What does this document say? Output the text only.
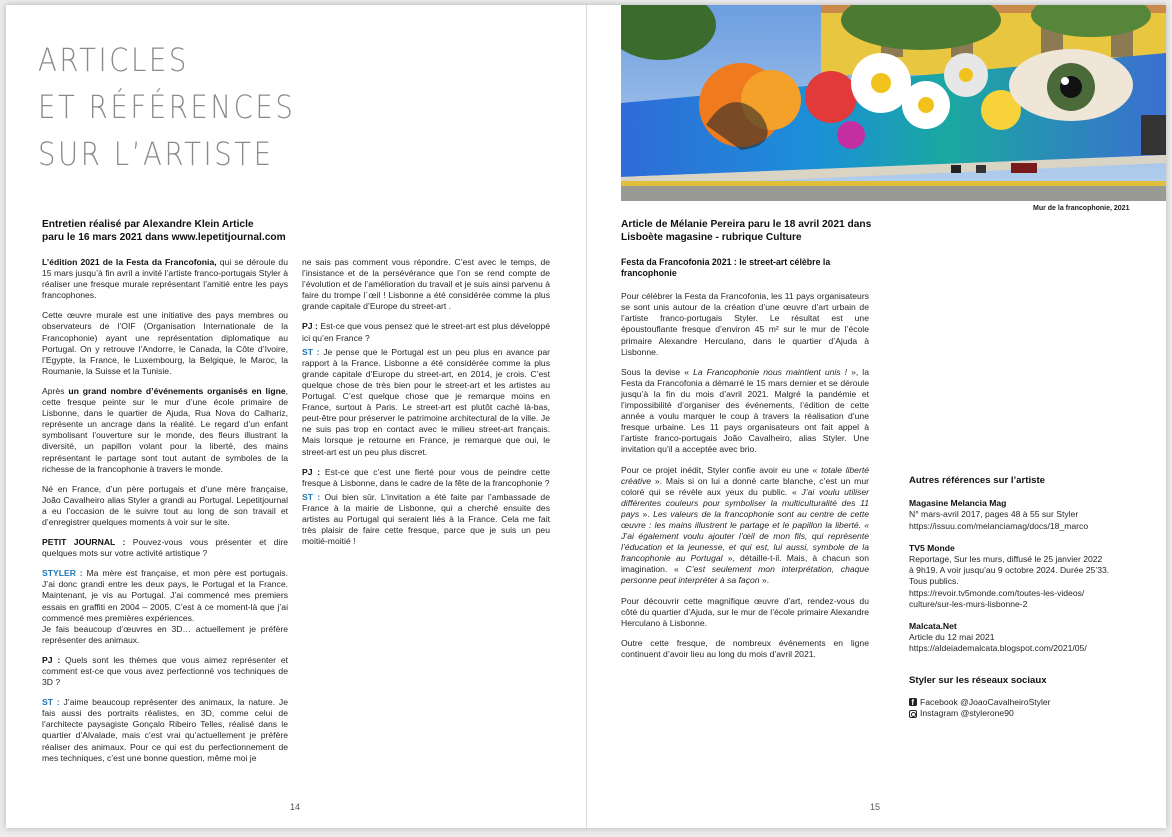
ARTICLES
ET RÉFÉRENCES
SUR L’ARTISTE
Entretien réalisé par Alexandre Klein Article
paru le 16 mars 2021 dans www.lepetitjournal.com

L’édition 2021 de la Festa da Francofonia, qui se déroule du 15 mars jusqu’à fin avril a invité l’artiste franco-portugais Styler à réaliser une fresque murale représentant l’amitié entre les pays francophones.

Cette œuvre murale est une initiative des pays membres ou observateurs de l’OIF (Organisation Internationale de la Francophonie) ayant une représentation diplomatique au Portugal. On y retrouve l’Andorre, le Canada, la Côte d’Ivoire, l’Egypte, la France, le Luxembourg, la Belgique, le Maroc, la Roumanie, la Suisse et la Tunisie.

Après un grand nombre d’événements organisés en ligne, cette fresque peinte sur le mur d’une école primaire de Lisbonne, dans le quartier de Ajuda, Rua Nova do Calhariz, représente un ancrage dans la réalité. Le regard d’un enfant symbolisant l’ouverture sur le monde, des fleurs illustrant la diversité, un papillon volant pour la liberté, des mains représentant le partage sont tout autant de symboles de la richesse de la francophonie à travers le monde.

Né en France, d’un père portugais et d’une mère française, João Cavalheiro alias Styler a grandi au Portugal. Lepetitjournal a eu l’occasion de le suivre tout au long de son travail et d’enregistrer quelques moments à voir sur le site.

PETIT JOURNAL : Pouvez-vous vous présenter et dire quelques mots sur votre activité artistique ?

STYLER : Ma mère est française, et mon père est portugais. J’ai donc grandi entre les deux pays, le Portugal et la France. Maintenant, je vis au Portugal. J’ai commencé mes premiers essais en graffiti en 2004 – 2005. C’est à ce moment-là que j’ai commencé mes premières expériences.

Je fais beaucoup d’œuvres en 3D… actuellement je préfère représenter des animaux.

PJ : Quels sont les thèmes que vous aimez représenter et comment est-ce que vous avez perfectionné vos techniques de 3D ?

ST : J’aime beaucoup représenter des animaux, la nature. Je fais aussi des portraits réalistes, en 3D, comme celui de l’architecte paysagiste Gonçalo Ribeiro Telles, réalisé dans le quartier d’Alvalade, mais c’est vrai qu’actuellement je préfère réaliser des animaux. Pour ce qui est du perfectionnement de mes techniques, c’est une bonne question, même moi je

ne sais pas comment vous répondre. C’est avec le temps, de l’insistance et de la persévérance que l’on se rend compte de l’évolution et de l’amélioration du travail et je suis ainsi parvenu à faire du trompe l´œil ! Lisbonne a été considérée comme la plus grande capitale d’Europe du street-art .

PJ : Est-ce que vous pensez que le street-art est plus développé ici qu’en France ?

ST : Je pense que le Portugal est un peu plus en avance par rapport à la France. Lisbonne a été considérée comme la plus grande capitale d’Europe du street-art, en 2014, je crois. C’est quelque chose de très bien pour le street-art et les artistes au Portugal. C’est quelque chose que je remarque moins en France, surtout à Paris. Le street-art est plutôt caché là-bas, peut-être pour préserver le patrimoine architectural de la ville. Je ne suis pas trop en contact avec le milieu street-art français. Mais lorsque je retourne en France, je remarque que oui, le street-art est un peu plus discret.

PJ : Est-ce que c’est une fierté pour vous de peindre cette fresque à Lisbonne, dans le cadre de la fête de la francophonie ?

ST : Oui bien sûr. L’invitation a été faite par l’ambassade de France à la mairie de Lisbonne, qui a cherché ensuite des artistes au Portugal qui seraient liés à la France. Cela me fait très plaisir de faire cette fresque, parce que je suis un peu moitié-moitié !

14
Mur de la francophonie, 2021
Article de Mélanie Pereira paru le 18 avril 2021 dans
Lisboète magasine - rubrique Culture
Festa da Francofonia 2021 : le street-art célèbre la
francophonie

Pour célébrer la Festa da Francofonia, les 11 pays organisateurs se sont unis autour de la création d’une œuvre d’art urbain de l’artiste franco-portugais Styler. Le résultat est une époustouflante fresque d’environ 45 m² sur le mur de l’école primaire Alexandre Herculano, dans le quartier d’Ajuda à Lisbonne.

Sous la devise « La Francophonie nous maintient unis ! », la Festa da Francofonia a démarré le 15 mars dernier et se déroule jusqu’à la fin du mois d’avril 2021. Malgré la pandémie et l’impossibilité d’organiser des événements, l’édition de cette année a voulu marquer le coup à travers la réalisation d’une fresque urbaine. Les 11 pays organisateurs ont fait appel à l’artiste franco-portugais João Cavalheiro, alias Styler. Une invitation qu’il a acceptée avec brio.

Pour ce projet inédit, Styler confie avoir eu une « totale liberté créative ». Mais si on lui a donné carte blanche, c’est un mur coloré qui se révèle aux yeux du public. « J’ai voulu utiliser différentes couleurs pour symboliser la multiculturalité des 11 pays ». Les valeurs de la francophonie sont au centre de cette œuvre : les mains illustrent le partage et le papillon la liberté. « J’ai également voulu ajouter l’œil de mon fils, qui représente l’éducation et la jeunesse, et qui est, lui aussi, symbole de la francophonie au Portugal », détaille-t-il. Mais, à chacun son imagination. « C’est seulement mon interprétation, chaque personne peut interpréter à sa façon ».

Pour découvrir cette magnifique œuvre d’art, rendez-vous du côté du quartier d’Ajuda, sur le mur de l’école primaire Alexandre Herculano à Lisbonne.

Outre cette fresque, de nombreux événements en ligne continuent d’avoir lieu au long du mois d’avril 2021.

Autres références sur l’artiste
Magasine Melancia Mag
N° mars-avril 2017, pages 48 à 55 sur Styler
https://issuu.com/melanciamag/docs/18_marco
TV5 Monde
Reportage, Sur les murs, diffusé le 25 janvier 2022
à 9h19. A voir jusqu’au 9 octobre 2024. Durée 25’33.
Tous publics.
https://revoir.tv5monde.com/toutes-les-videos/
culture/sur-les-murs-lisbonne-2
Malcata.Net
Article du 12 mai 2021
https://aldeiademalcata.blogspot.com/2021/05/
Styler sur les réseaux sociaux
f
Facebook @JoaoCavalheiroStyler
Instagram @stylerone90
15
